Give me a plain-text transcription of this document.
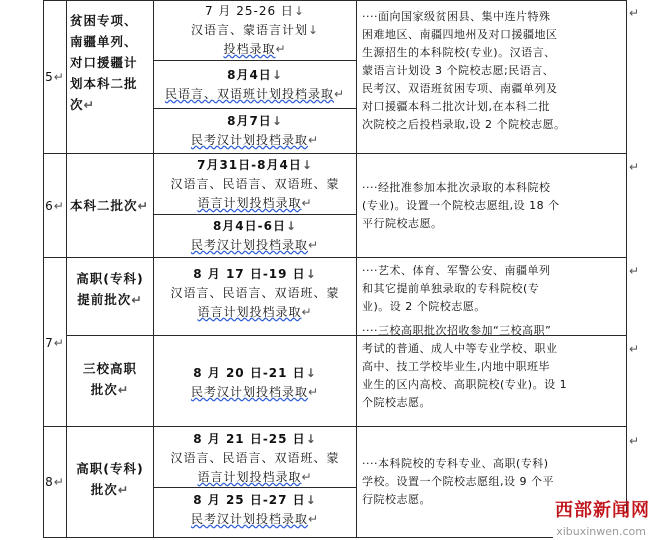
5↵
贫困专项、
南疆单列、
对口援疆计
划本科二批
次↵
7 月 25-26 日↓
汉语言、蒙语言计划↓
投档录取↵
8月4日↓
民语言、双语班计划投档录取↵
8月7日↓
民考汉计划投档录取↵
····面向国家级贫困县、集中连片特殊
困难地区、南疆四地州及对口援疆地区
生源招生的本科院校(专业)。汉语言、
蒙语言计划设 3 个院校志愿;民语言、
民考汉、双语班贫困专项、南疆单列及
对口援疆本科二批次计划,在本科二批
次院校之后投档录取,设 2 个院校志愿。
↵
6↵ 本科二批次↵
7月31日-8月4日↓
汉语言、民语言、双语班、蒙
语言计划投档录取↵
8月4日-6日↓
民考汉计划投档录取↵
····经批准参加本批次录取的本科院校
(专业)。设置一个院校志愿组,设 18 个
平行院校志愿。
↵
7↵
高职(专科)
提前批次↵
8 月 17 日-19 日↓
汉语言、民语言、双语班、蒙
语言计划投档录取↵
····艺术、体育、军警公安、南疆单列
和其它提前单独录取的专科院校(专
业)。设 2 个院校志愿。
三校高职
批次↵
8 月 20 日-21 日↓
民考汉计划投档录取↵
····三校高职批次招收参加“三校高职”
考试的普通、成人中等专业学校、职业
高中、技工学校毕业生,内地中职班毕
业生的区内高校、高职院校(专业)。设 1
个院校志愿。
↵
↵
8↵
高职(专科)
批次↵
8 月 21 日-25 日↓
汉语言、民语言、双语班、蒙
语言计划投档录取↵
8 月 25 日-27 日↓
民考汉计划投档录取↵
····本科院校的专科专业、高职(专科)
学校。设置一个院校志愿组,设 9 个平
行院校志愿。
↵
西部新闻网
xibuxinwen.com
